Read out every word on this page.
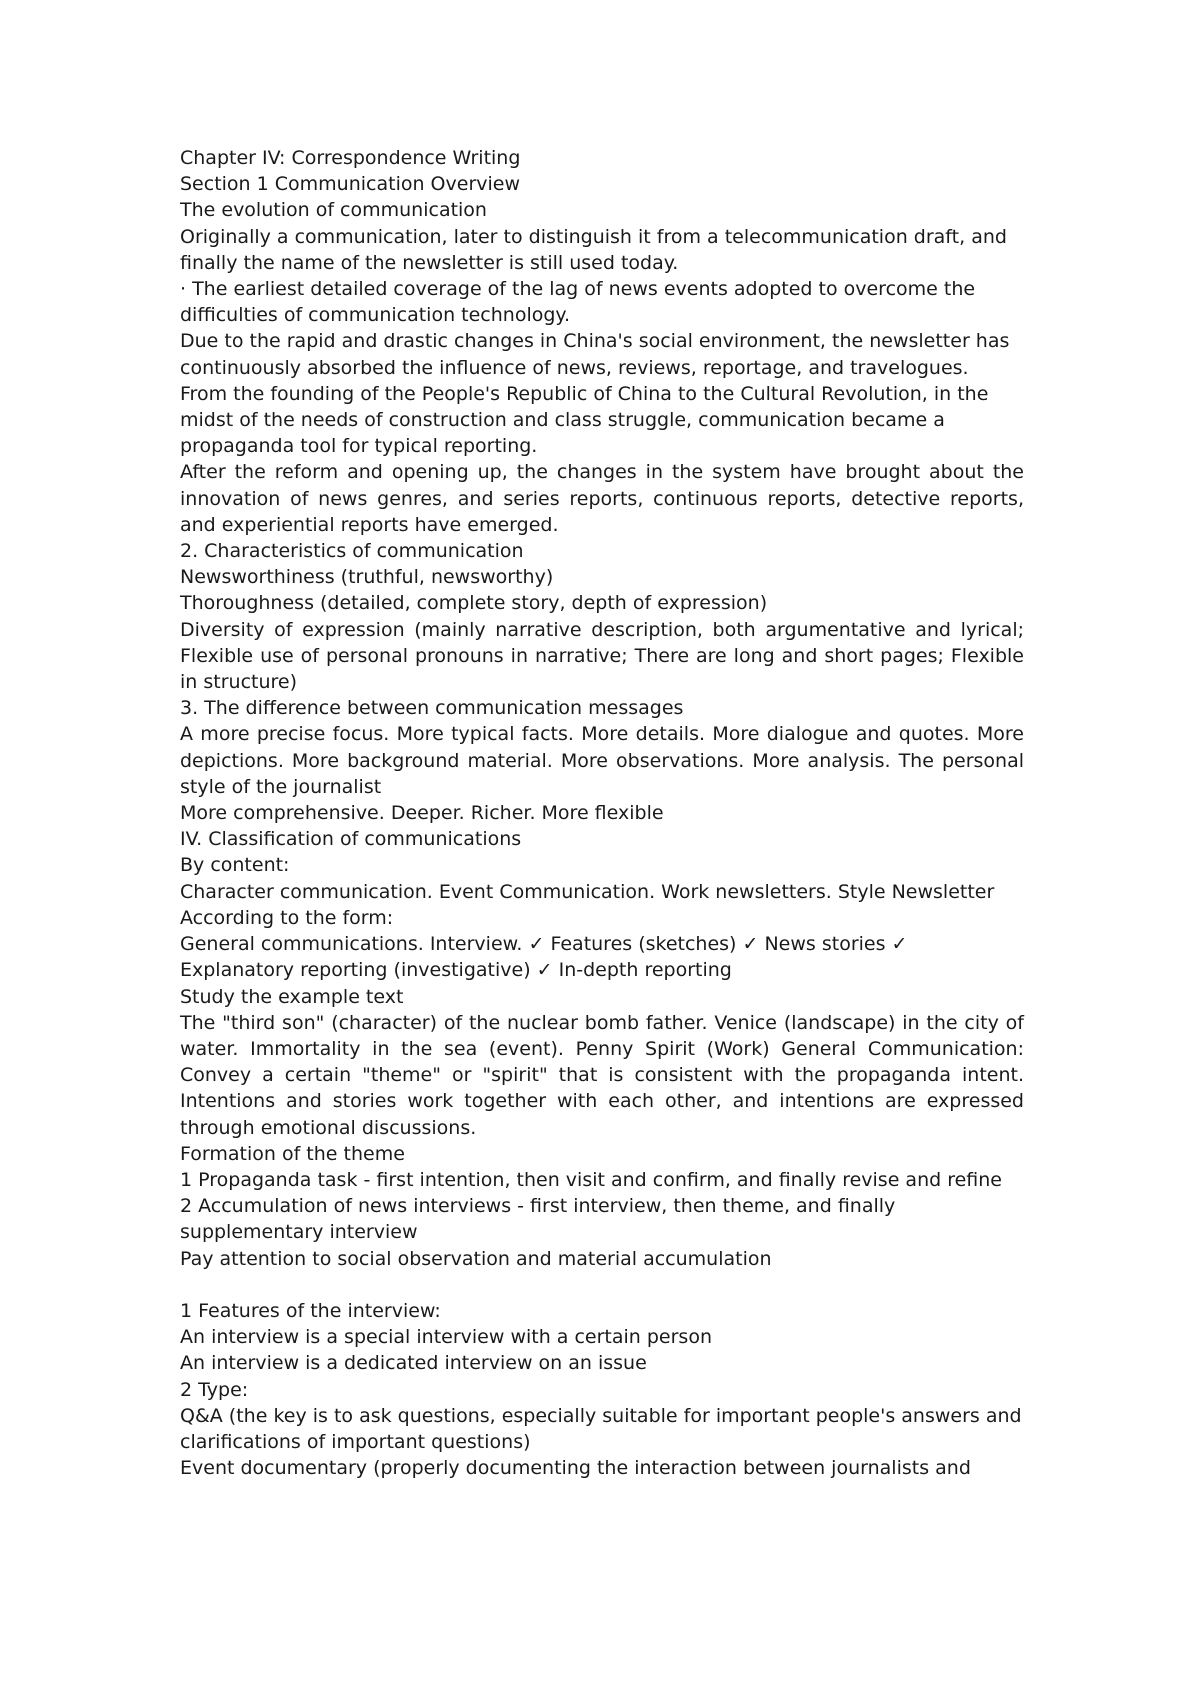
Chapter IV: Correspondence Writing
Section 1 Communication Overview
The evolution of communication
Originally a communication, later to distinguish it from a telecommunication draft, and finally the name of the newsletter is still used today.
· The earliest detailed coverage of the lag of news events adopted to overcome the difficulties of communication technology.
Due to the rapid and drastic changes in China's social environment, the newsletter has continuously absorbed the influence of news, reviews, reportage, and travelogues.
From the founding of the People's Republic of China to the Cultural Revolution, in the midst of the needs of construction and class struggle, communication became a propaganda tool for typical reporting.
After the reform and opening up, the changes in the system have brought about the innovation of news genres, and series reports, continuous reports, detective reports, and experiential reports have emerged.
2. Characteristics of communication
Newsworthiness (truthful, newsworthy)
Thoroughness (detailed, complete story, depth of expression)
Diversity of expression (mainly narrative description, both argumentative and lyrical; Flexible use of personal pronouns in narrative; There are long and short pages; Flexible in structure)
3. The difference between communication messages
A more precise focus. More typical facts. More details. More dialogue and quotes. More depictions. More background material. More observations. More analysis. The personal style of the journalist
More comprehensive. Deeper. Richer. More flexible
IV. Classification of communications
By content:
Character communication. Event Communication. Work newsletters. Style Newsletter
According to the form:
General communications. Interview. ✓ Features (sketches) ✓ News stories ✓ Explanatory reporting (investigative) ✓ In-depth reporting
Study the example text
The "third son" (character) of the nuclear bomb father. Venice (landscape) in the city of water. Immortality in the sea (event). Penny Spirit (Work) General Communication: Convey a certain "theme" or "spirit" that is consistent with the propaganda intent. Intentions and stories work together with each other, and intentions are expressed through emotional discussions.
Formation of the theme
1 Propaganda task - first intention, then visit and confirm, and finally revise and refine
2 Accumulation of news interviews - first interview, then theme, and finally supplementary interview
Pay attention to social observation and material accumulation
1 Features of the interview:
An interview is a special interview with a certain person
An interview is a dedicated interview on an issue
2 Type:
Q&A (the key is to ask questions, especially suitable for important people's answers and clarifications of important questions)
Event documentary (properly documenting the interaction between journalists and
